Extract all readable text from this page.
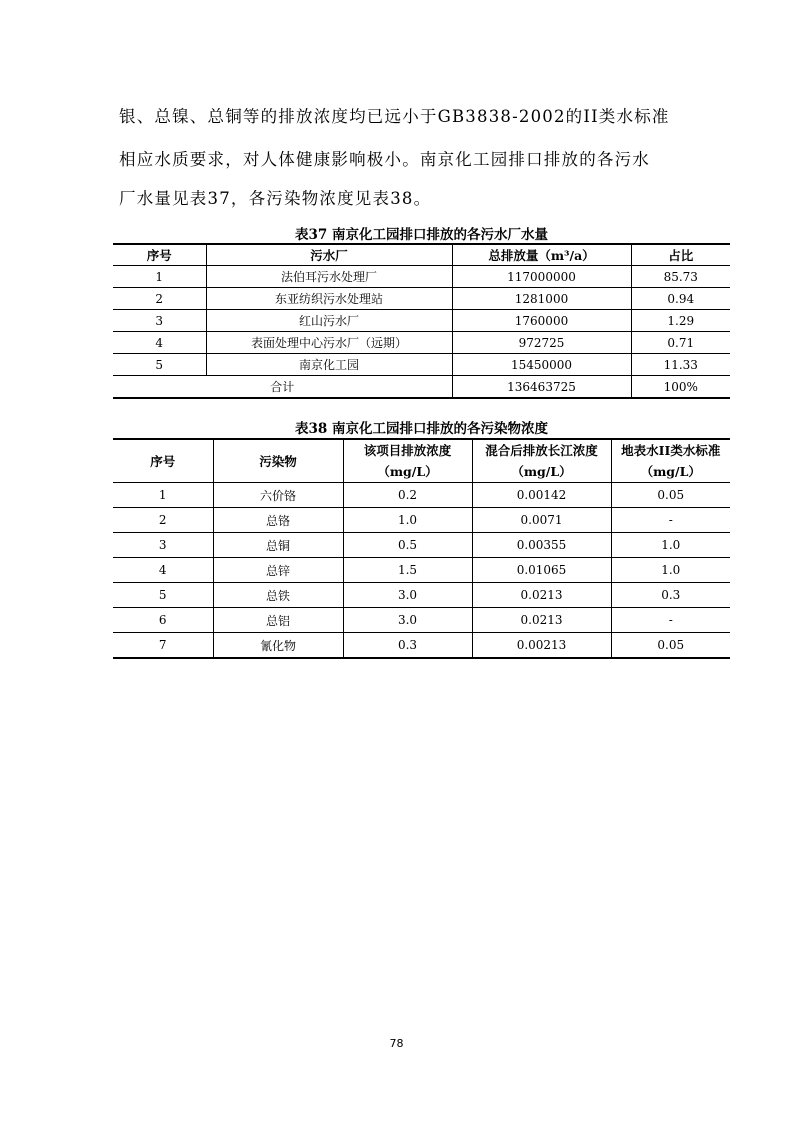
银、总镍、总铜等的排放浓度均已远小于GB3838-2002的II类水标准

相应水质要求，对人体健康影响极小。南京化工园排口排放的各污水

厂水量见表37，各污染物浓度见表38。

表37 南京化工园排口排放的各污水厂水量
序号	污水厂	总排放量（m³/a）	占比
1	法伯耳污水处理厂	117000000	85.73
2	东亚纺织污水处理站	1281000	0.94
3	红山污水厂	1760000	1.29
4	表面处理中心污水厂（远期）	972725	0.71
5	南京化工园	15450000	11.33
合计		136463725	100%
表38 南京化工园排口排放的各污染物浓度
序号	污染物	该项目排放浓度（mg/L）	混合后排放长江浓度（mg/L）	地表水II类水标准（mg/L）
1	六价铬	0.2	0.00142	0.05
2	总铬	1.0	0.0071	-
3	总铜	0.5	0.00355	1.0
4	总锌	1.5	0.01065	1.0
5	总铁	3.0	0.0213	0.3
6	总铝	3.0	0.0213	-
7	氰化物	0.3	0.00213	0.05
78
